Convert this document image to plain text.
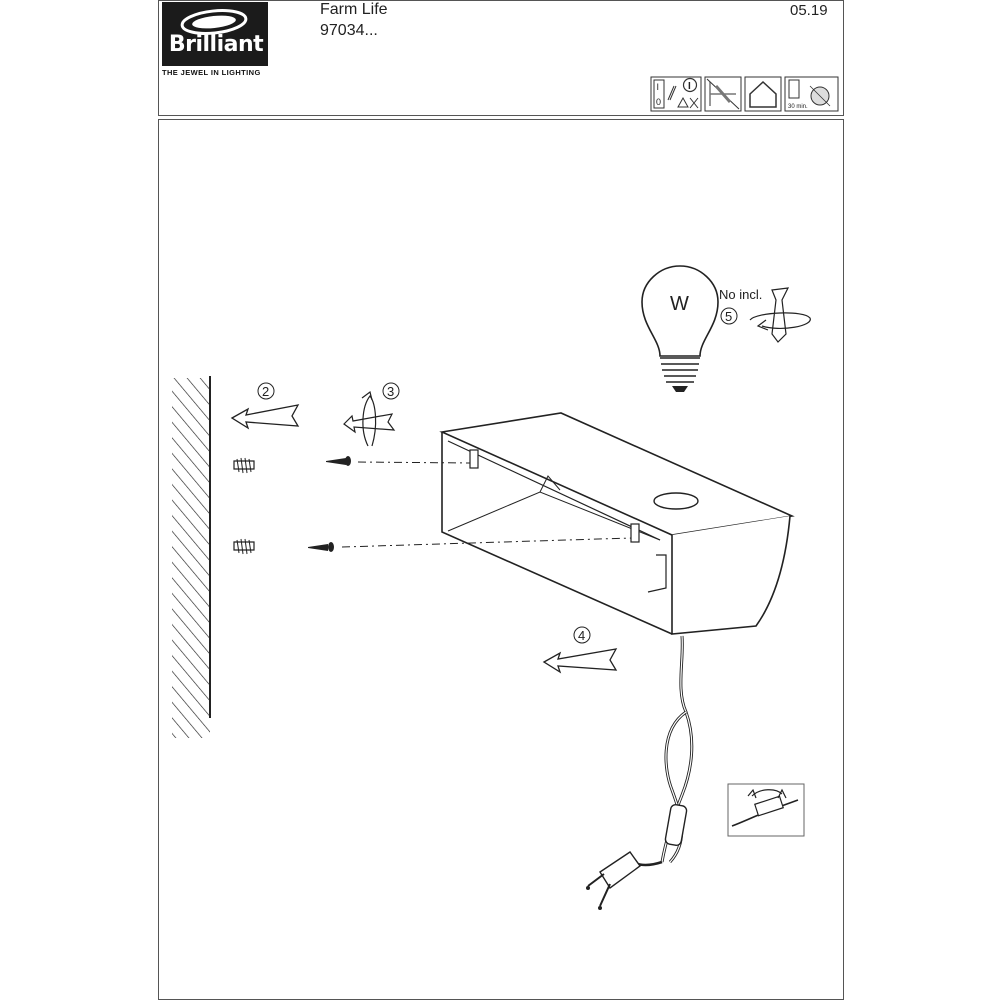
Brilliant
THE JEWEL IN LIGHTING
Farm Life
97034...
05.19
I
0
I
30 min.
2	3
4
W No incl.
5
